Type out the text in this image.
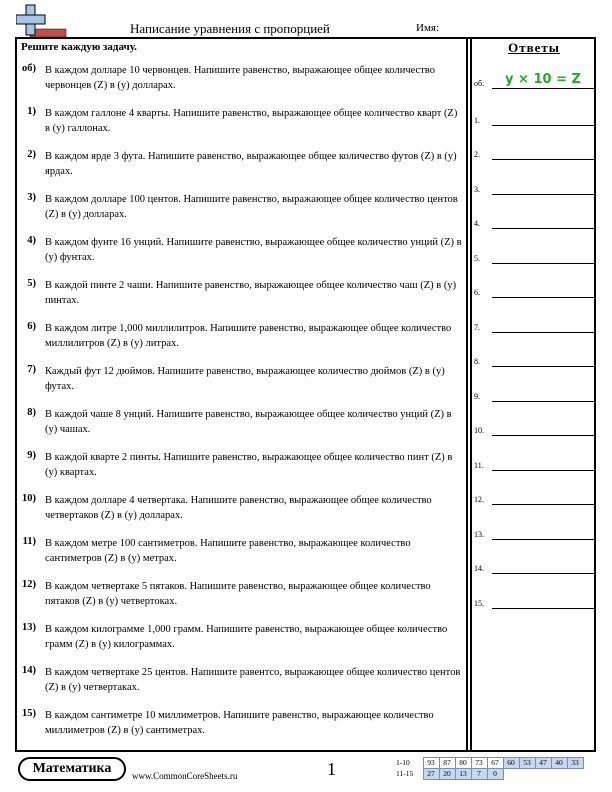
Написание уравнения с пропорцией	Имя:
Решите каждую задачу.
об) В каждом долларе 10 червонцев. Напишите равенство, выражающее общее количество червонцев (Z) в (y) долларах.
1) В каждом галлоне 4 кварты. Напишите равенство, выражающее общее количество кварт (Z) в (y) галлонах.
2) В каждом ярде 3 фута. Напишите равенство, выражающее общее количество футов (Z) в (y) ярдах.
3) В каждом долларе 100 центов. Напишите равенство, выражающее общее количество центов (Z) в (y) долларах.
4) В каждом фунте 16 унций. Напишите равенство, выражающее общее количество унций (Z) в (y) фунтах.
5) В каждой пинте 2 чаши. Напишите равенство, выражающее общее количество чаш (Z) в (y) пинтах.
6) В каждом литре 1,000 миллилитров. Напишите равенство, выражающее общее количество миллилитров (Z) в (y) литрах.
7) Каждый фут 12 дюймов. Напишите равенство, выражающее количество дюймов (Z) в (y) футах.
8) В каждой чаше 8 унций. Напишите равенство, выражающее общее количество унций (Z) в (y) чашах.
9) В каждой кварте 2 пинты. Напишите равенство, выражающее общее количество пинт (Z) в (y) квартах.
10) В каждом долларе 4 четвертака. Напишите равенство, выражающее общее количество четвертаков (Z) в (y) долларах.
11) В каждом метре 100 сантиметров. Напишите равенство, выражающее количество сантиметров (Z) в (y) метрах.
12) В каждом четвертаке 5 пятаков. Напишите равенство, выражающее общее количество пятаков (Z) в (y) четвертоках.
13) В каждом килограмме 1,000 грамм. Напишите равенство, выражающее общее количество грамм (Z) в (y) килограммах.
14) В каждом четвертаке 25 центов. Напишите равентсо, выражающее общее количество центов (Z) в (y) четвертаках.
15) В каждом сантиметре 10 миллиметров. Напишите равенство, выражающее количество миллиметров (Z) в (y) сантиметрах.
Ответы
об.	y × 10 = Z
1.
2.
3.
4.
5.
6.
7.
8.
9.
10.
11.
12.
13.
14.
15.
Математика	www.CommonCoreSheets.ru	1	1-10	93	87	80	73	67	60	53	47	40	33
11-15	27	20	13	7	0					
